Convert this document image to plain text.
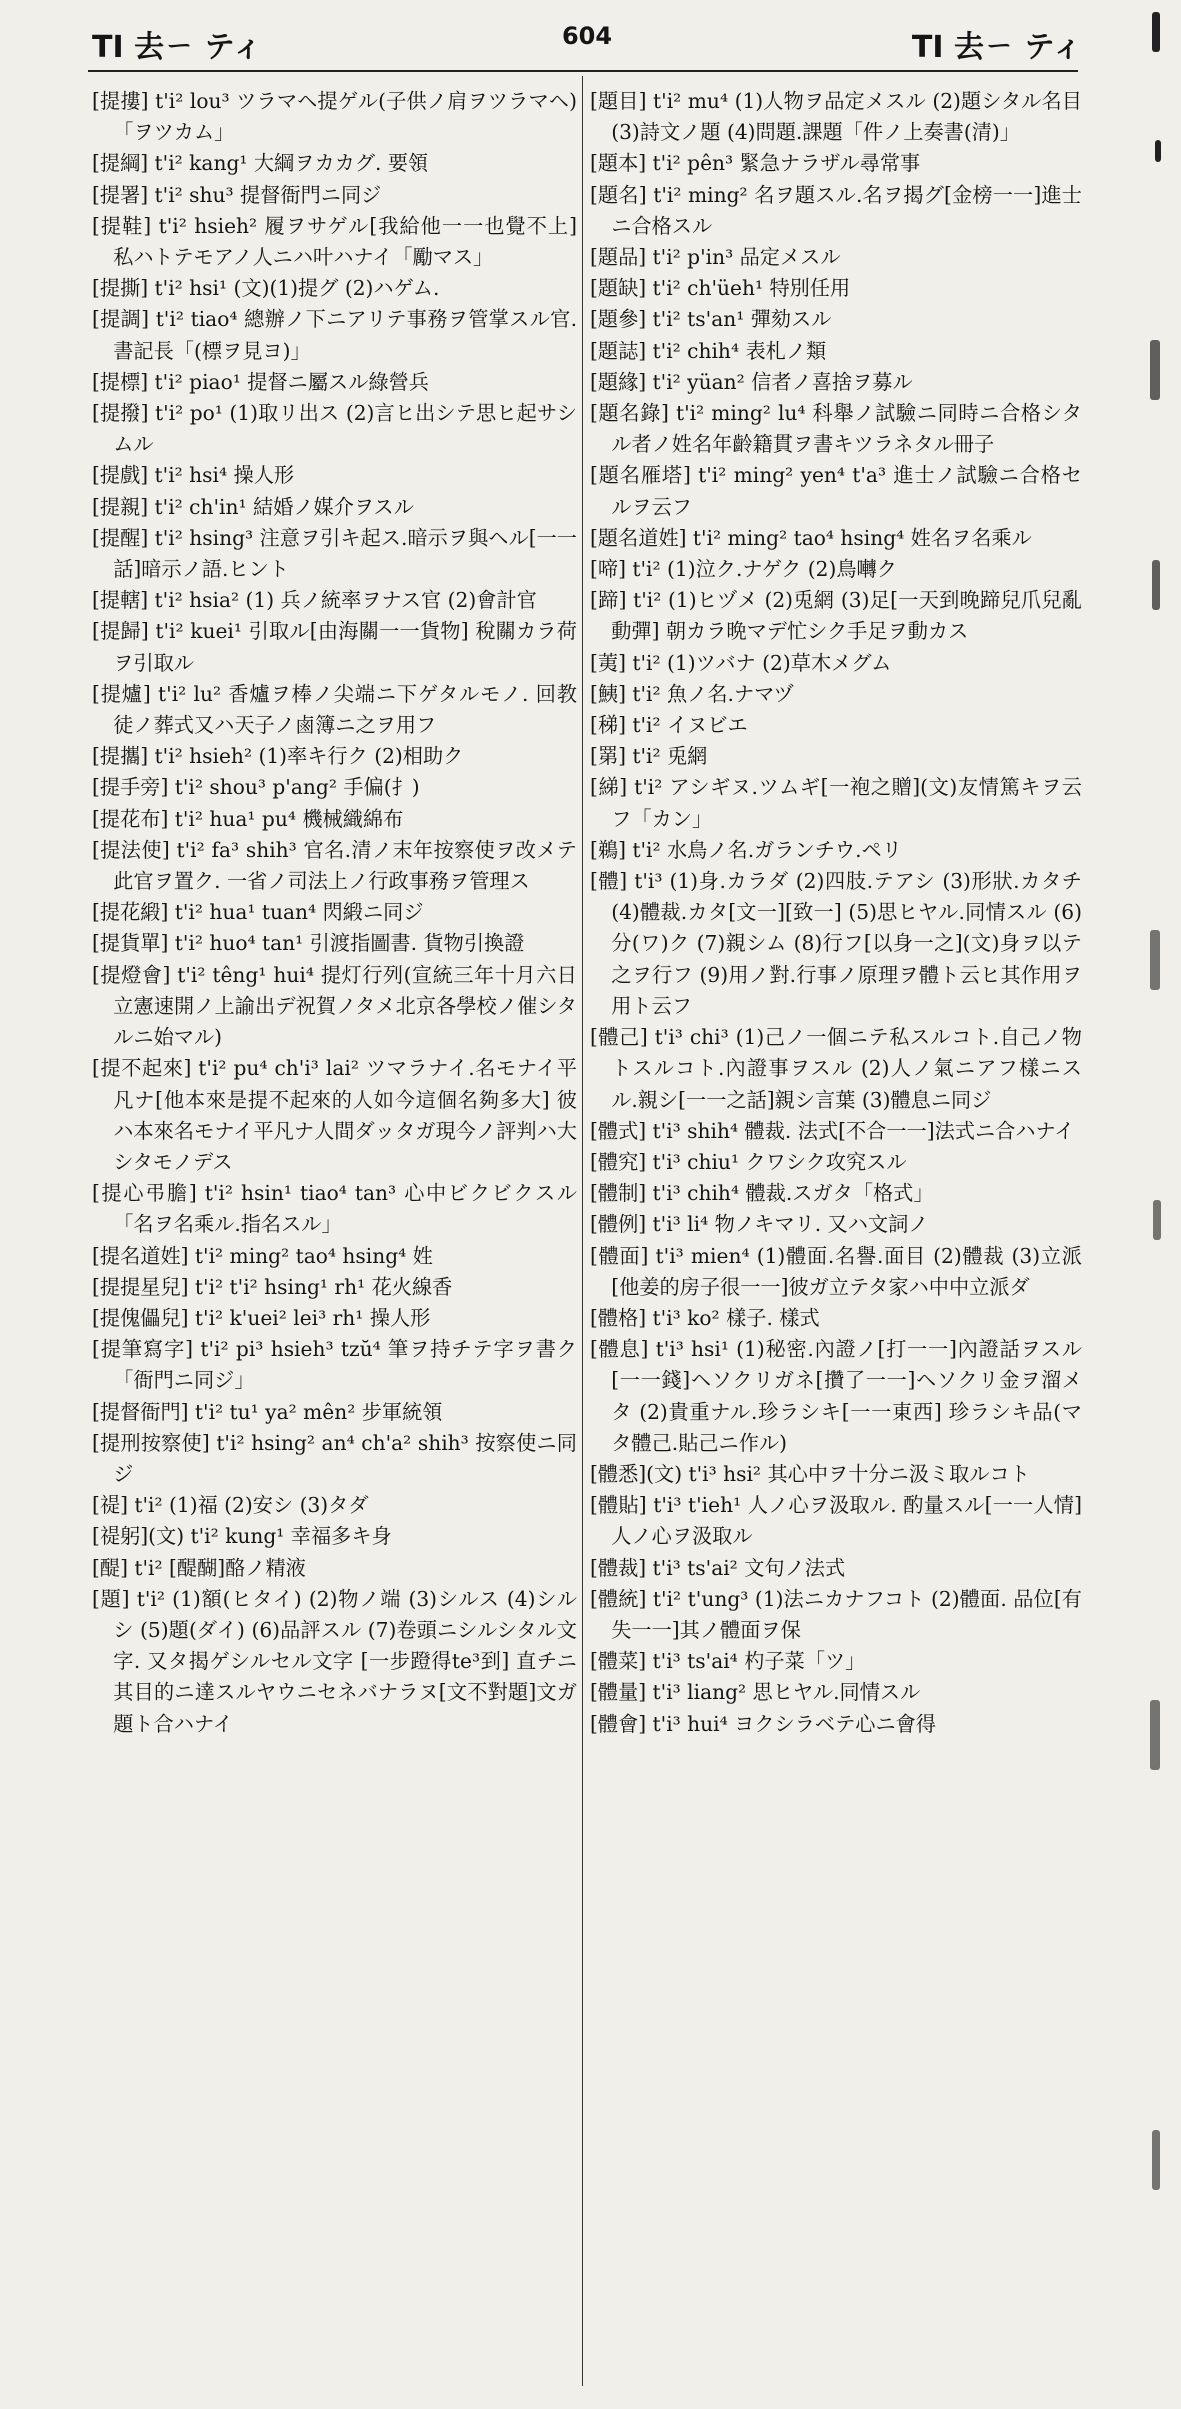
TI 去ㄧ ティ	604	TI 去ㄧ ティ

[提摟] t'i² lou³ ツラマヘ提ゲル(子供ノ肩ヲツラマヘ)「ヲツカム」

[提綱] t'i² kang¹ 大綱ヲカカグ. 要領

[提署] t'i² shu³ 提督衙門ニ同ジ

[提鞋] t'i² hsieh² 履ヲサゲル[我給他一一也覺不上] 私ハトテモアノ人ニハ叶ハナイ「勵マス」

[提撕] t'i² hsi¹ (文)(1)提グ (2)ハゲム.

[提調] t'i² tiao⁴ 總辦ノ下ニアリテ事務ヲ管掌スル官. 書記長「(標ヲ見ヨ)」

[提標] t'i² piao¹ 提督ニ屬スル綠營兵

[提撥] t'i² po¹ (1)取リ出ス (2)言ヒ出シテ思ヒ起サシムル

[提戲] t'i² hsi⁴ 操人形

[提親] t'i² ch'in¹ 結婚ノ媒介ヲスル

[提醒] t'i² hsing³ 注意ヲ引キ起ス.暗示ヲ與ヘル[一一話]暗示ノ語.ヒント

[提轄] t'i² hsia² (1) 兵ノ統率ヲナス官 (2)會計官

[提歸] t'i² kuei¹ 引取ル[由海關一一貨物] 稅關カラ荷ヲ引取ル

[提爐] t'i² lu² 香爐ヲ棒ノ尖端ニ下ゲタルモノ. 回教徒ノ葬式又ハ天子ノ鹵簿ニ之ヲ用フ

[提攜] t'i² hsieh² (1)率キ行ク (2)相助ク

[提手旁] t'i² shou³ p'ang² 手偏(扌)

[提花布] t'i² hua¹ pu⁴ 機械織綿布

[提法使] t'i² fa³ shih³ 官名.清ノ末年按察使ヲ改メテ此官ヲ置ク. 一省ノ司法上ノ行政事務ヲ管理ス

[提花緞] t'i² hua¹ tuan⁴ 閃緞ニ同ジ

[提貨單] t'i² huo⁴ tan¹ 引渡指圖書. 貨物引換證

[提燈會] t'i² têng¹ hui⁴ 提灯行列(宣統三年十月六日立憲速開ノ上諭出デ祝賀ノタメ北京各學校ノ催シタルニ始マル)

[提不起來] t'i² pu⁴ ch'i³ lai² ツマラナイ.名モナイ平凡ナ[他本來是提不起來的人如今這個名夠多大] 彼ハ本來名モナイ平凡ナ人間ダッタガ現今ノ評判ハ大シタモノデス

[提心弔膽] t'i² hsin¹ tiao⁴ tan³ 心中ビクビクスル「名ヲ名乘ル.指名スル」

[提名道姓] t'i² ming² tao⁴ hsing⁴ 姓

[提提星兒] t'i² t'i² hsing¹ rh¹ 花火線香

[提傀儡兒] t'i² k'uei² lei³ rh¹ 操人形

[提筆寫字] t'i² pi³ hsieh³ tzŭ⁴ 筆ヲ持チテ字ヲ書ク「衙門ニ同ジ」

[提督衙門] t'i² tu¹ ya² mên² 步軍統領

[提刑按察使] t'i² hsing² an⁴ ch'a² shih³ 按察使ニ同ジ

[禔] t'i² (1)福 (2)安シ (3)タダ

[禔躬](文) t'i² kung¹ 幸福多キ身

[醍] t'i² [醍醐]酪ノ精液

[題] t'i² (1)額(ヒタイ) (2)物ノ端 (3)シルス (4)シルシ (5)題(ダイ) (6)品評スル (7)卷頭ニシルシタル文字. 又タ揭ゲシルセル文字 [一步蹬得te³到] 直チニ其目的ニ達スルヤウニセネバナラヌ[文不對題]文ガ題ト合ハナイ

[題目] t'i² mu⁴ (1)人物ヲ品定メスル (2)題シタル名目 (3)詩文ノ題 (4)問題.課題「件ノ上奏書(清)」

[題本] t'i² pên³ 緊急ナラザル尋常事

[題名] t'i² ming² 名ヲ題スル.名ヲ揭グ[金榜一一]進士ニ合格スル

[題品] t'i² p'in³ 品定メスル

[題缺] t'i² ch'üeh¹ 特別任用

[題參] t'i² ts'an¹ 彈劾スル

[題誌] t'i² chih⁴ 表札ノ類

[題緣] t'i² yüan² 信者ノ喜捨ヲ募ル

[題名錄] t'i² ming² lu⁴ 科舉ノ試驗ニ同時ニ合格シタル者ノ姓名年齡籍貫ヲ書キツラネタル冊子

[題名雁塔] t'i² ming² yen⁴ t'a³ 進士ノ試驗ニ合格セルヲ云フ

[題名道姓] t'i² ming² tao⁴ hsing⁴ 姓名ヲ名乘ル

[啼] t'i² (1)泣ク.ナゲク (2)鳥囀ク

[蹄] t'i² (1)ヒヅメ (2)兎網 (3)足[一天到晚蹄兒爪兒亂動彈] 朝カラ晩マデ忙シク手足ヲ動カス

[荑] t'i² (1)ツバナ (2)草木メグム

[鮧] t'i² 魚ノ名.ナマヅ

[稊] t'i² イヌビエ

[罤] t'i² 兎網

[綈] t'i² アシギヌ.ツムギ[一袍之贈](文)友情篤キヲ云フ「カン」

[鵜] t'i² 水鳥ノ名.ガランチウ.ペリ

[體] t'i³ (1)身.カラダ (2)四肢.テアシ (3)形狀.カタチ (4)體裁.カタ[文一][致一] (5)思ヒヤル.同情スル (6)分(ワ)ク (7)親シム (8)行フ[以身一之](文)身ヲ以テ之ヲ行フ (9)用ノ對.行事ノ原理ヲ體ト云ヒ其作用ヲ用ト云フ

[體己] t'i³ chi³ (1)己ノ一個ニテ私スルコト.自己ノ物トスルコト.內證事ヲスル (2)人ノ氣ニアフ樣ニスル.親シ[一一之話]親シ言葉 (3)體息ニ同ジ

[體式] t'i³ shih⁴ 體裁. 法式[不合一一]法式ニ合ハナイ

[體究] t'i³ chiu¹ クワシク攻究スル

[體制] t'i³ chih⁴ 體裁.スガタ「格式」

[體例] t'i³ li⁴ 物ノキマリ. 又ハ文詞ノ

[體面] t'i³ mien⁴ (1)體面.名譽.面目 (2)體裁 (3)立派[他姜的房子很一一]彼ガ立テタ家ハ中中立派ダ

[體格] t'i³ ko² 樣子. 樣式

[體息] t'i³ hsi¹ (1)秘密.內證ノ[打一一]內證話ヲスル[一一錢]ヘソクリガネ[攢了一一]ヘソクリ金ヲ溜メタ (2)貴重ナル.珍ラシキ[一一東西] 珍ラシキ品(マタ體己.貼己ニ作ル)

[體悉](文) t'i³ hsi² 其心中ヲ十分ニ汲ミ取ルコト

[體貼] t'i³ t'ieh¹ 人ノ心ヲ汲取ル. 酌量スル[一一人情]人ノ心ヲ汲取ル

[體裁] t'i³ ts'ai² 文句ノ法式

[體統] t'i² t'ung³ (1)法ニカナフコト (2)體面. 品位[有失一一]其ノ體面ヲ保

[體菜] t'i³ ts'ai⁴ 杓子菜「ツ」

[體量] t'i³ liang² 思ヒヤル.同情スル

[體會] t'i³ hui⁴ ヨクシラベテ心ニ會得
